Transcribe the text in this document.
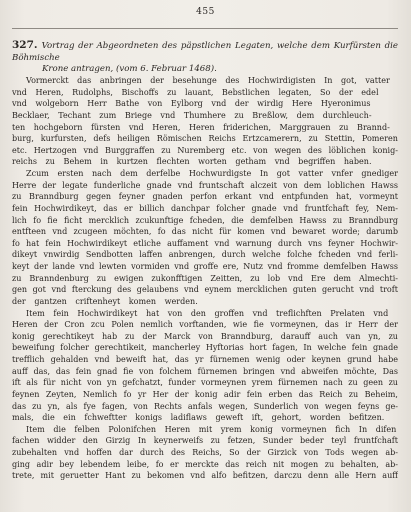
455
327. Vortrag der Abgeordneten des päpstlichen Legaten, welche dem Kurfürsten die Böhmische
Krone antragen, (vom 6. Februar 1468).
Vormerckt das anbringen der besehunge des Hochwirdigisten In got, vatter
vnd Heren, Rudolphs, Bischoffs zu lauant, Bebstlichen legaten, So der edel
vnd wolgeborn Herr Bathe von Eylborg vnd der wirdig Here Hyeronimus
Becklaer, Techant zum Briege vnd Thumhere zu Breßlow, dem durchleuch-
ten hochgeborn fürsten vnd Heren, Heren friderichen, Marggrauen zu Brannd-
burg, kurfursten, defs heiligen Römischen Reichs Ertzcamerern, zu Stettin, Pomeren
etc. Hertzogen vnd Burggraffen zu Nuremberg etc. von wegen des löblichen konig-
reichs zu Behem in kurtzen flechten worten getham vnd begriffen haben.
Zcum ersten nach dem derfelbe Hochwurdigste In got vatter vnfer gnediger
Herre der legate funderliche gnade vnd fruntschaft alczeit von dem loblichen Hawss
zu Branndburg gegen feyner gnaden perfon erkant vnd entpfunden hat, vormeynt
fein Hochwirdikeyt, das er billich danchpar folcher gnade vnd fruntfchaft fey, Nem-
lich fo fie ficht mercklich zcukunftige fcheden, die demfelben Hawss zu Branndburg
entfteen vnd zcugeen möchten, fo das nicht für komen vnd bewaret worde; darumb
fo hat fein Hochwirdikeyt etliche auffament vnd warnung durch vns feyner Hochwir-
dikeyt vnwirdig Sendbotten laffen anbrengen, durch welche folche fcheden vnd ferli-
keyt der lande vnd lewten vormiden vnd groffe ere, Nutz vnd fromme demfelben Hawss
zu Branndenburg zu ewigen zukonfftigen Zeitten, zu lob vnd Ere dem Almechti-
gen got vnd fterckung des gelaubens vnd eynem mercklichen guten gerucht vnd troft
der gantzen criftenheyt komen werden.
Item fein Hochwirdikeyt hat von den groffen vnd treflichften Prelaten vnd
Heren der Cron zcu Polen nemlich vorftanden, wie fie vormeynen, das ir Herr der
konig gerechtikeyt hab zu der Marck von Branndburg, darauff auch van yn, zu
beweifung folcher gerechtikeit, mancherley Hyftorias hort fagen, In welche fein gnade
trefflich gehalden vnd beweift hat, das yr fürnemen wenig oder keynen grund habe
auff das, das fein gnad fie von folchem fürnemen bringen vnd abweifen möchte, Das
ift als für nicht von yn gefchatzt, funder vormeynen yrem fürnemen nach zu geen zu
feynen Zeyten, Nemlich fo yr Her der konig adir fein erben das Reich zu Beheim,
das zu yn, als fye fagen, von Rechts anfals wegen, Sunderlich von wegen feyns ge-
mals, die ein fchweftter konigs ladiflaws geweft ift, gehort, worden befitzen.
Item die felben Polonifchen Heren mit yrem konig vormeynen fich In difen
fachen widder den Girzig In keynerweifs zu fetzen, Sunder beder teyl fruntfchaft
zubehalten vnd hoffen dar durch des Reichs, So der Girzick von Tods wegen ab-
ging adir bey lebendem leibe, fo er merckte das reich nit mogen zu behalten, ab-
trete, mit geruetter Hant zu bekomen vnd alfo befitzen, darczu denn alle Hern auff
